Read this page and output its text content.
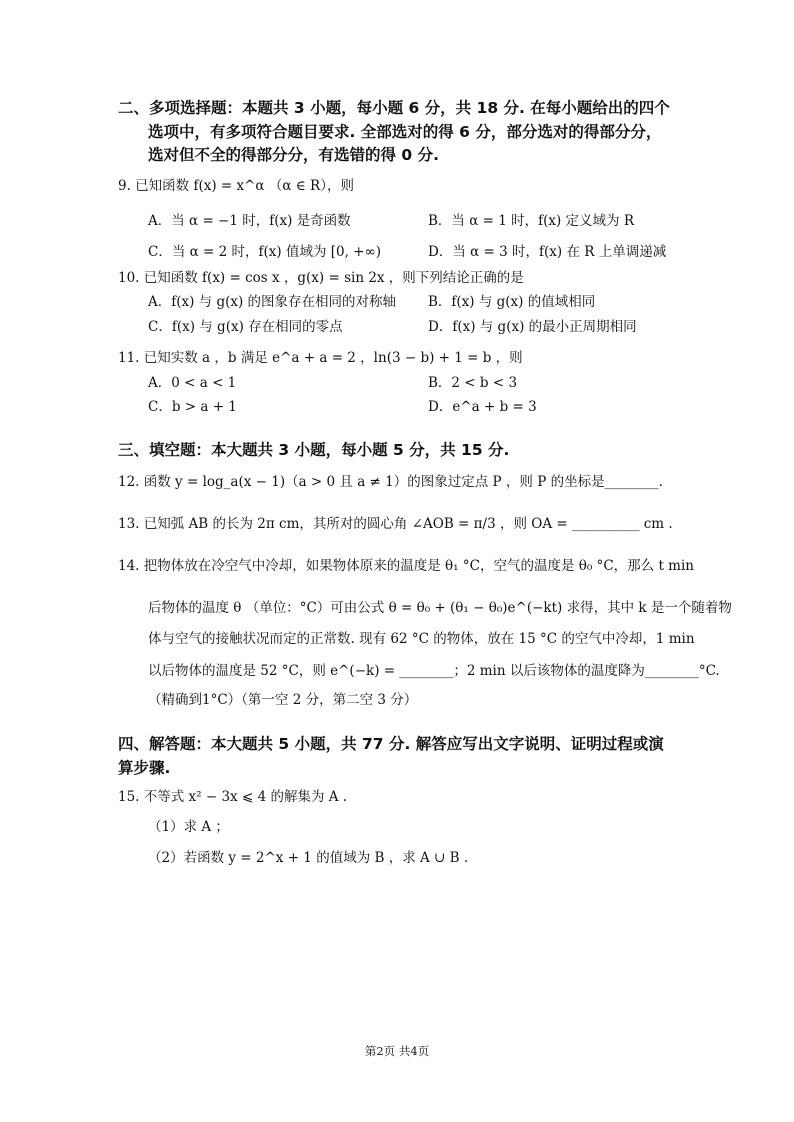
二、多项选择题：本题共 3 小题，每小题 6 分，共 18 分. 在每小题给出的四个
选项中，有多项符合题目要求. 全部选对的得 6 分，部分选对的得部分分，
选对但不全的得部分分，有选错的得 0 分.
9. 已知函数 f(x) = x^α （α ∈ R），则
A．当 α = −1 时，f(x) 是奇函数	B．当 α = 1 时，f(x) 定义域为 R
C．当 α = 2 时，f(x) 值域为 [0, +∞)	D．当 α = 3 时，f(x) 在 R 上单调递减
10. 已知函数 f(x) = cos x ，g(x) = sin 2x ，则下列结论正确的是
A．f(x) 与 g(x) 的图象存在相同的对称轴 B．f(x) 与 g(x) 的值域相同
C．f(x) 与 g(x) 存在相同的零点	D．f(x) 与 g(x) 的最小正周期相同
11. 已知实数 a ，b 满足 e^a + a = 2 ，ln(3 − b) + 1 = b ，则
A．0 < a < 1	B．2 < b < 3
C．b > a + 1	D．e^a + b = 3
三、填空题：本大题共 3 小题，每小题 5 分，共 15 分.
12. 函数 y = log_a(x − 1)（a > 0 且 a ≠ 1）的图象过定点 P ，则 P 的坐标是________.
13. 已知弧 AB 的长为 2π cm，其所对的圆心角 ∠AOB = π/3 ，则 OA = __________ cm .
14. 把物体放在冷空气中冷却，如果物体原来的温度是 θ₁ °C，空气的温度是 θ₀ °C，那么 t min
后物体的温度 θ （单位：°C）可由公式 θ = θ₀ + (θ₁ − θ₀)e^(−kt) 求得，其中 k 是一个随着物
体与空气的接触状况而定的正常数. 现有 62 °C 的物体，放在 15 °C 的空气中冷却，1 min
以后物体的温度是 52 °C，则 e^(−k) = ________；2 min 以后该物体的温度降为________°C.
（精确到1°C）（第一空 2 分，第二空 3 分）
四、解答题：本大题共 5 小题，共 77 分. 解答应写出文字说明、证明过程或演
算步骤.
15. 不等式 x² − 3x ⩽ 4 的解集为 A .
（1）求 A ；
（2）若函数 y = 2^x + 1 的值域为 B ，求 A ∪ B .
第2页 共4页
